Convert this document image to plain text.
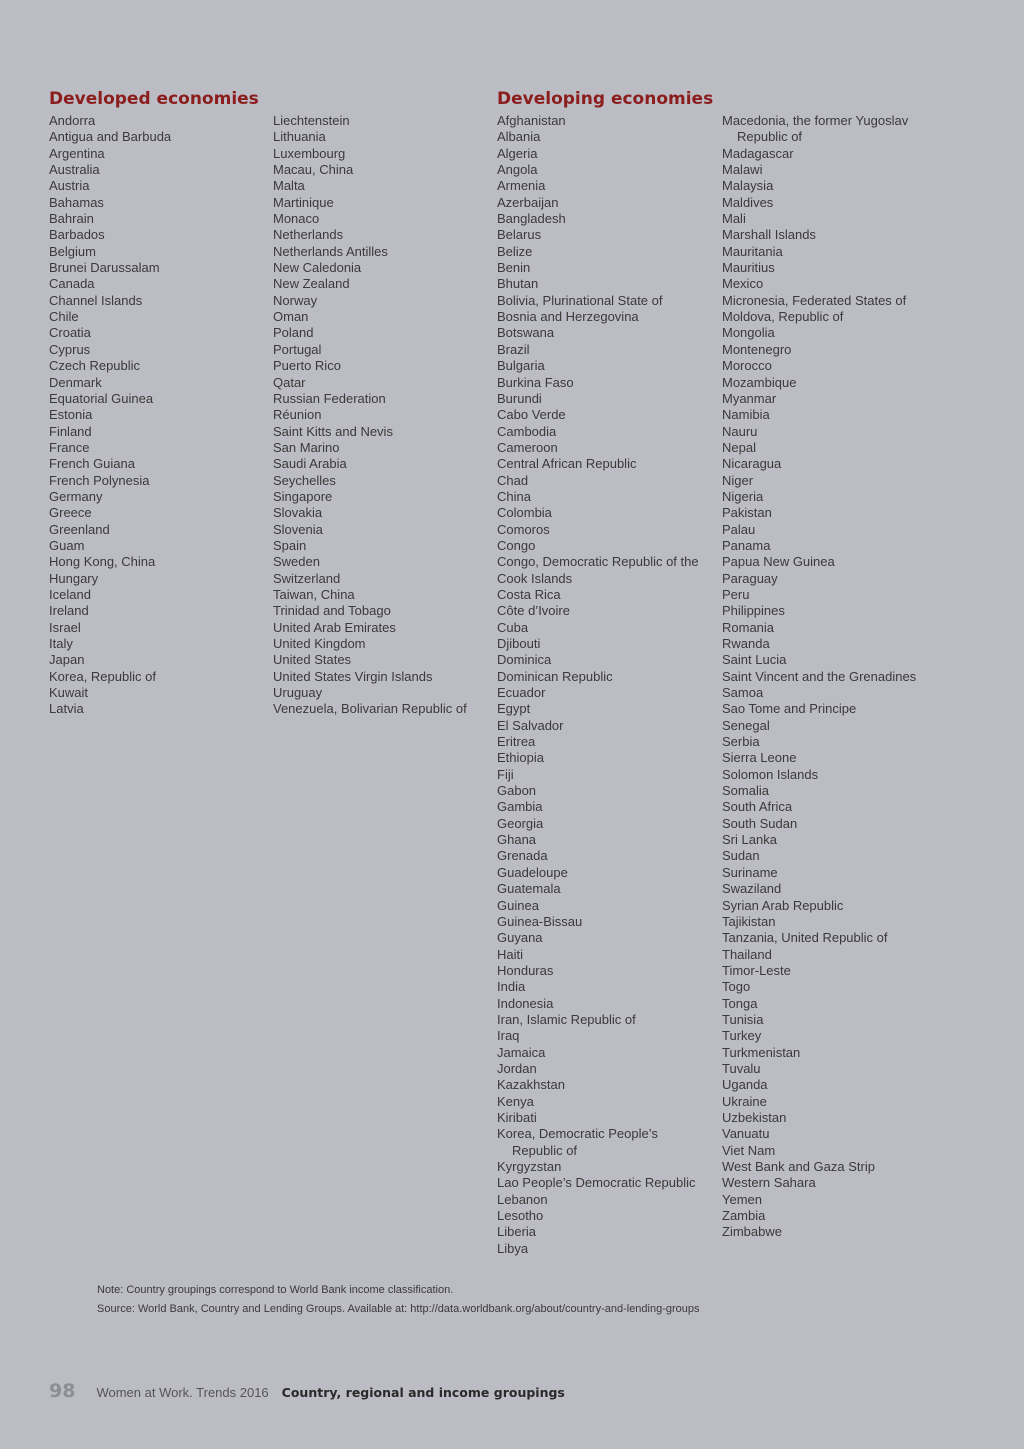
Developed economies	Developing economies
Andorra
Antigua and Barbuda
Argentina
Australia
Austria
Bahamas
Bahrain
Barbados
Belgium
Brunei Darussalam
Canada
Channel Islands
Chile
Croatia
Cyprus
Czech Republic
Denmark
Equatorial Guinea
Estonia
Finland
France
French Guiana
French Polynesia
Germany
Greece
Greenland
Guam
Hong Kong, China
Hungary
Iceland
Ireland
Israel
Italy
Japan
Korea, Republic of
Kuwait
Latvia
Liechtenstein
Lithuania
Luxembourg
Macau, China
Malta
Martinique
Monaco
Netherlands
Netherlands Antilles
New Caledonia
New Zealand
Norway
Oman
Poland
Portugal
Puerto Rico
Qatar
Russian Federation
Réunion
Saint Kitts and Nevis
San Marino
Saudi Arabia
Seychelles
Singapore
Slovakia
Slovenia
Spain
Sweden
Switzerland
Taiwan, China
Trinidad and Tobago
United Arab Emirates
United Kingdom
United States
United States Virgin Islands
Uruguay
Venezuela, Bolivarian Republic of
Afghanistan
Albania
Algeria
Angola
Armenia
Azerbaijan
Bangladesh
Belarus
Belize
Benin
Bhutan
Bolivia, Plurinational State of
Bosnia and Herzegovina
Botswana
Brazil
Bulgaria
Burkina Faso
Burundi
Cabo Verde
Cambodia
Cameroon
Central African Republic
Chad
China
Colombia
Comoros
Congo
Congo, Democratic Republic of the
Cook Islands
Costa Rica
Côte d’Ivoire
Cuba
Djibouti
Dominica
Dominican Republic
Ecuador
Egypt
El Salvador
Eritrea
Ethiopia
Fiji
Gabon
Gambia
Georgia
Ghana
Grenada
Guadeloupe
Guatemala
Guinea
Guinea-Bissau
Guyana
Haiti
Honduras
India
Indonesia
Iran, Islamic Republic of
Iraq
Jamaica
Jordan
Kazakhstan
Kenya
Kiribati
Korea, Democratic People’s
Republic of
Kyrgyzstan
Lao People’s Democratic Republic
Lebanon
Lesotho
Liberia
Libya
Macedonia, the former Yugoslav
Republic of
Madagascar
Malawi
Malaysia
Maldives
Mali
Marshall Islands
Mauritania
Mauritius
Mexico
Micronesia, Federated States of
Moldova, Republic of
Mongolia
Montenegro
Morocco
Mozambique
Myanmar
Namibia
Nauru
Nepal
Nicaragua
Niger
Nigeria
Pakistan
Palau
Panama
Papua New Guinea
Paraguay
Peru
Philippines
Romania
Rwanda
Saint Lucia
Saint Vincent and the Grenadines
Samoa
Sao Tome and Principe
Senegal
Serbia
Sierra Leone
Solomon Islands
Somalia
South Africa
South Sudan
Sri Lanka
Sudan
Suriname
Swaziland
Syrian Arab Republic
Tajikistan
Tanzania, United Republic of
Thailand
Timor-Leste
Togo
Tonga
Tunisia
Turkey
Turkmenistan
Tuvalu
Uganda
Ukraine
Uzbekistan
Vanuatu
Viet Nam
West Bank and Gaza Strip
Western Sahara
Yemen
Zambia
Zimbabwe
Note: Country groupings correspond to World Bank income classification.
Source: World Bank, Country and Lending Groups. Available at: http://data.worldbank.org/about/country-and-lending-groups
98 Women at Work. Trends 2016 Country, regional and income groupings
